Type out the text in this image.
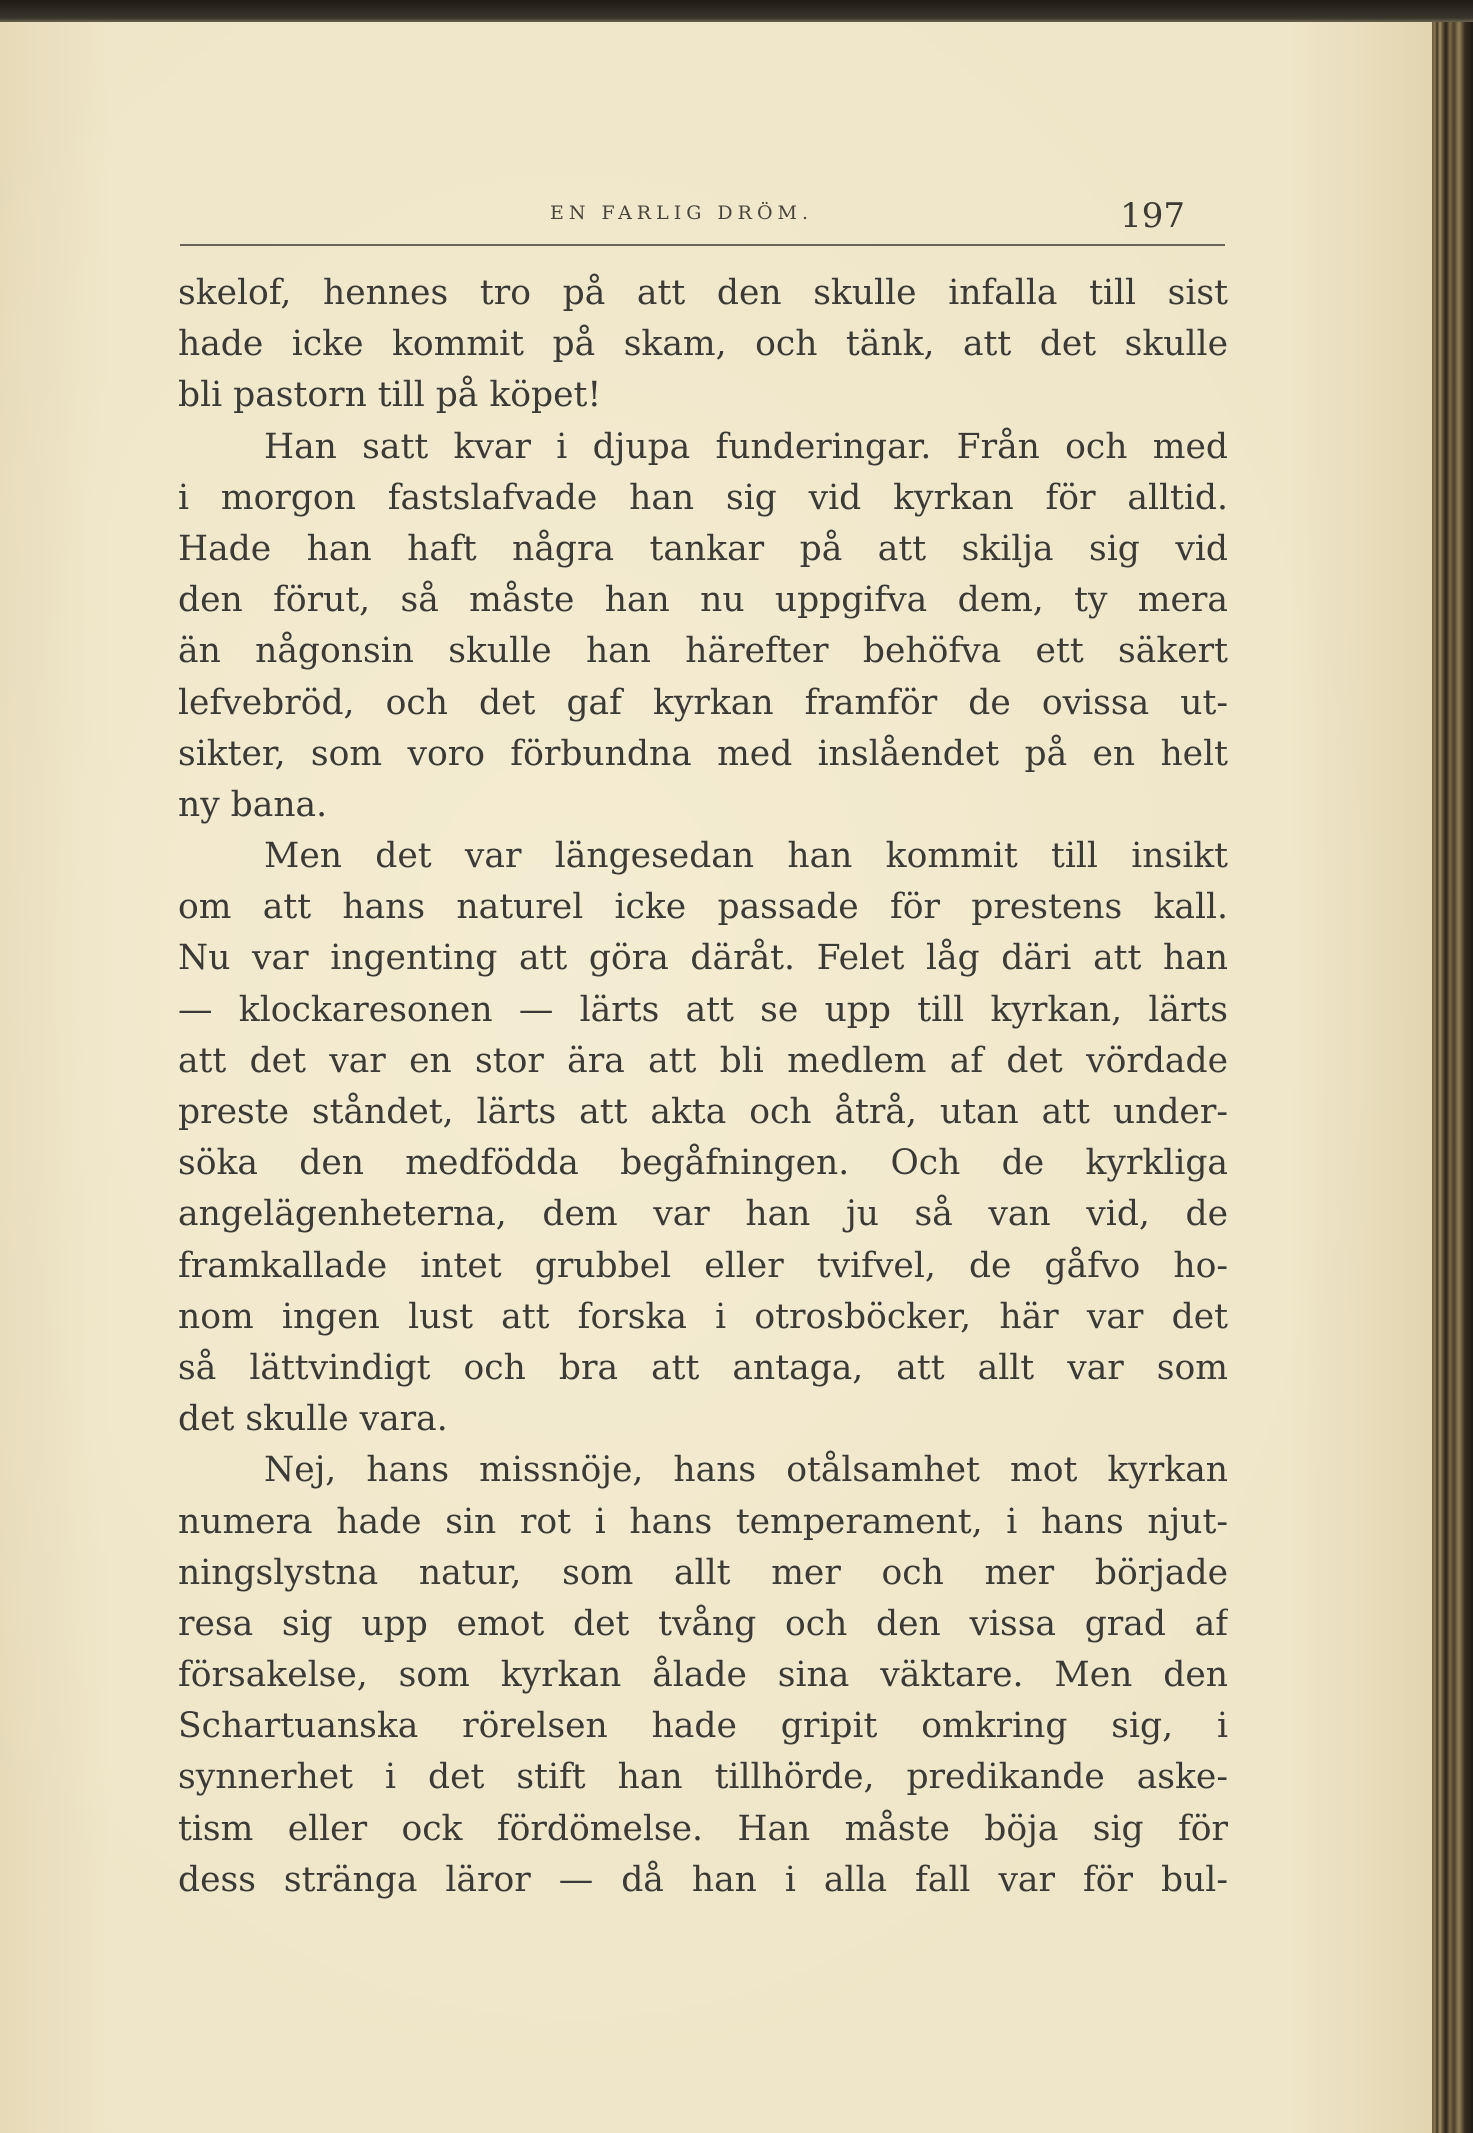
EN FARLIG DRÖM.	197
skelof, hennes tro på att den skulle infalla till sist
hade icke kommit på skam, och tänk, att det skulle
bli pastorn till på köpet!
Han satt kvar i djupa funderingar. Från och med
i morgon fastslafvade han sig vid kyrkan för alltid.
Hade han haft några tankar på att skilja sig vid
den förut, så måste han nu uppgifva dem, ty mera
än någonsin skulle han härefter behöfva ett säkert
lefvebröd, och det gaf kyrkan framför de ovissa ut-
sikter, som voro förbundna med inslåendet på en helt
ny bana.
Men det var längesedan han kommit till insikt
om att hans naturel icke passade för prestens kall.
Nu var ingenting att göra däråt. Felet låg däri att han
— klockaresonen — lärts att se upp till kyrkan, lärts
att det var en stor ära att bli medlem af det vördade
preste ståndet, lärts att akta och åtrå, utan att under-
söka den medfödda begåfningen. Och de kyrkliga
angelägenheterna, dem var han ju så van vid, de
framkallade intet grubbel eller tvifvel, de gåfvo ho-
nom ingen lust att forska i otrosböcker, här var det
så lättvindigt och bra att antaga, att allt var som
det skulle vara.
Nej, hans missnöje, hans otålsamhet mot kyrkan
numera hade sin rot i hans temperament, i hans njut-
ningslystna natur, som allt mer och mer började
resa sig upp emot det tvång och den vissa grad af
försakelse, som kyrkan ålade sina väktare. Men den
Schartuanska rörelsen hade gripit omkring sig, i
synnerhet i det stift han tillhörde, predikande aske-
tism eller ock fördömelse. Han måste böja sig för
dess stränga läror — då han i alla fall var för bul-
